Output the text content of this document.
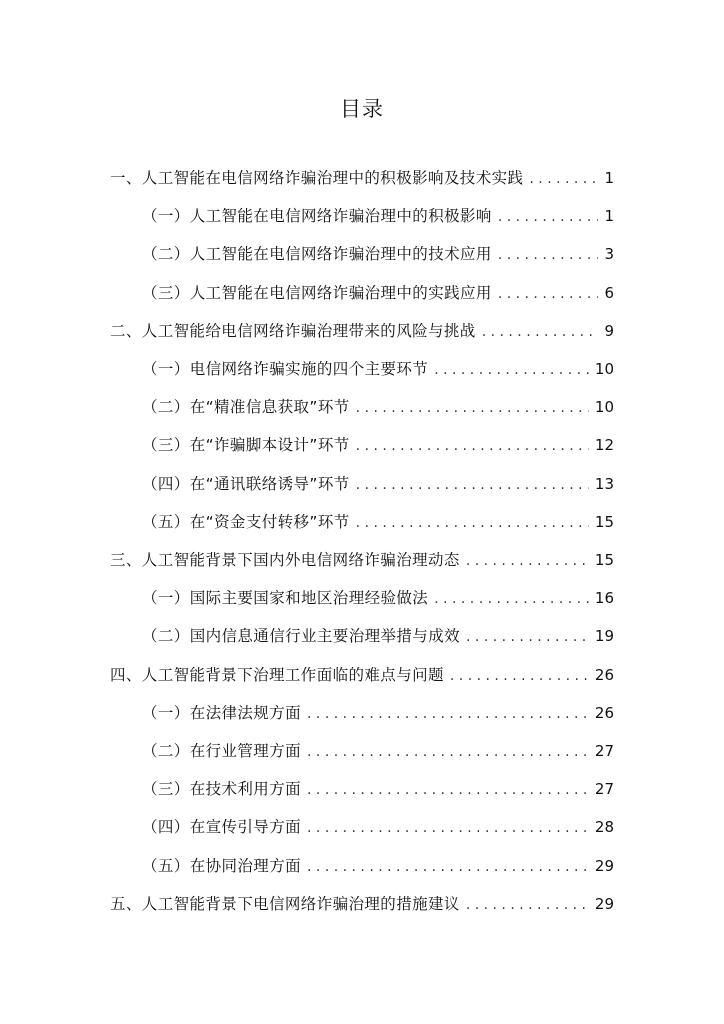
目录
一、人工智能在电信网络诈骗治理中的积极影响及技术实践 . . .	1
（一）人工智能在电信网络诈骗治理中的积极影响 . . .	1
（二）人工智能在电信网络诈骗治理中的技术应用 . . .	3
（三）人工智能在电信网络诈骗治理中的实践应用 . . .	6
二、人工智能给电信网络诈骗治理带来的风险与挑战 . . .	9
（一）电信网络诈骗实施的四个主要环节 . . .	10
（二）在“精准信息获取”环节 . . .	10
（三）在“诈骗脚本设计”环节 . . .	12
（四）在“通讯联络诱导”环节 . . .	13
（五）在“资金支付转移”环节 . . .	15
三、人工智能背景下国内外电信网络诈骗治理动态 . . .	15
（一）国际主要国家和地区治理经验做法 . . .	16
（二）国内信息通信行业主要治理举措与成效 . . .	19
四、人工智能背景下治理工作面临的难点与问题 . . .	26
（一）在法律法规方面 . . .	26
（二）在行业管理方面 . . .	27
（三）在技术利用方面 . . .	27
（四）在宣传引导方面 . . .	28
（五）在协同治理方面 . . .	29
五、人工智能背景下电信网络诈骗治理的措施建议 . . .	29
